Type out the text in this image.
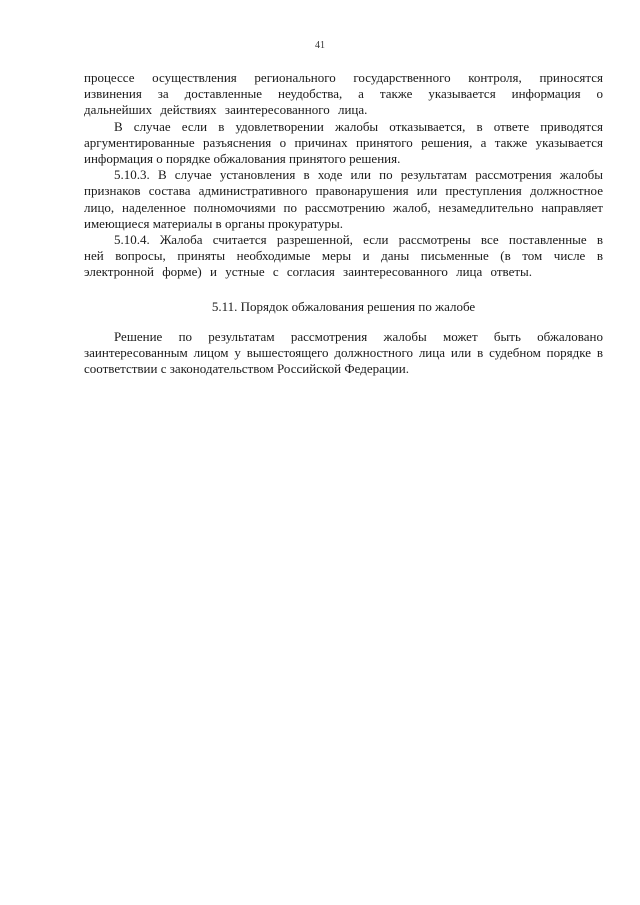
41

процессе осуществления регионального государственного контроля, приносятся извинения за доставленные неудобства, а также указывается информация о дальнейших действиях заинтересованного лица.

В случае если в удовлетворении жалобы отказывается, в ответе приводятся аргументированные разъяснения о причинах принятого решения, а также указывается информация о порядке обжалования принятого решения.

5.10.3. В случае установления в ходе или по результатам рассмотрения жалобы признаков состава административного правонарушения или преступления должностное лицо, наделенное полномочиями по рассмотрению жалоб, незамедлительно направляет имеющиеся материалы в органы прокуратуры.

5.10.4. Жалоба считается разрешенной, если рассмотрены все поставленные в ней вопросы, приняты необходимые меры и даны письменные (в том числе в электронной форме) и устные с согласия заинтересованного лица ответы.

5.11. Порядок обжалования решения по жалобе

Решение по результатам рассмотрения жалобы может быть обжаловано заинтересованным лицом у вышестоящего должностного лица или в судебном порядке в соответствии с законодательством Российской Федерации.
